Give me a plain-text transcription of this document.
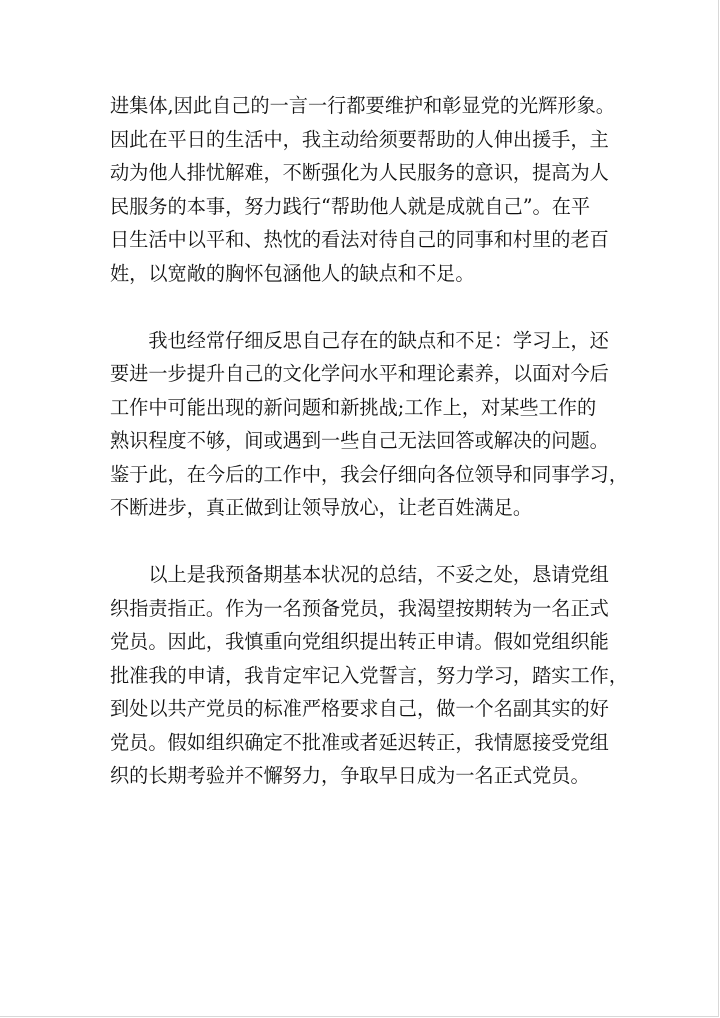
进集体,因此自己的一言一行都要维护和彰显党的光辉形象。
因此在平日的生活中，我主动给须要帮助的人伸出援手，主
动为他人排忧解难，不断强化为人民服务的意识，提高为人
民服务的本事，努力践行“帮助他人就是成就自己”。在平
日生活中以平和、热忱的看法对待自己的同事和村里的老百
姓，以宽敞的胸怀包涵他人的缺点和不足。
　　我也经常仔细反思自己存在的缺点和不足：学习上，还
要进一步提升自己的文化学问水平和理论素养，以面对今后
工作中可能出现的新问题和新挑战;工作上，对某些工作的
熟识程度不够，间或遇到一些自己无法回答或解决的问题。
鉴于此，在今后的工作中，我会仔细向各位领导和同事学习，
不断进步，真正做到让领导放心，让老百姓满足。
　　以上是我预备期基本状况的总结，不妥之处，恳请党组
织指责指正。作为一名预备党员，我渴望按期转为一名正式
党员。因此，我慎重向党组织提出转正申请。假如党组织能
批准我的申请，我肯定牢记入党誓言，努力学习，踏实工作，
到处以共产党员的标准严格要求自己，做一个名副其实的好
党员。假如组织确定不批准或者延迟转正，我情愿接受党组
织的长期考验并不懈努力，争取早日成为一名正式党员。
